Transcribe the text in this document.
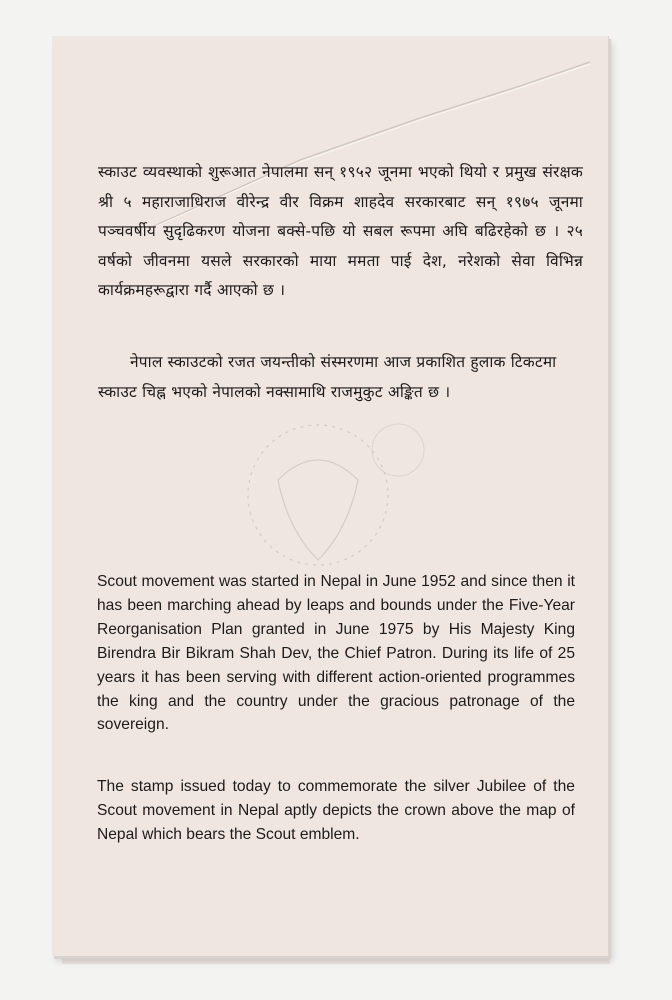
स्काउट व्यवस्थाको शुरूआत नेपालमा सन् १९५२ जूनमा भएको थियो र प्रमुख संरक्षक श्री ५ महाराजाधिराज वीरेन्द्र वीर विक्रम शाहदेव सरकारबाट सन् १९७५ जूनमा पञ्चवर्षीय सुदृढिकरण योजना बक्से-पछि यो सबल रूपमा अघि बढिरहेको छ । २५ वर्षको जीवनमा यसले सरकारको माया ममता पाई देश, नरेशको सेवा विभिन्न कार्यक्रमहरूद्वारा गर्दै आएको छ ।
नेपाल स्काउटको रजत जयन्तीको संस्मरणमा आज प्रकाशित हुलाक टिकटमा स्काउट चिह्न भएको नेपालको नक्सामाथि राजमुकुट अङ्कित छ ।
Scout movement was started in Nepal in June 1952 and since then it has been marching ahead by leaps and bounds under the Five-Year Reorganisation Plan granted in June 1975 by His Majesty King Birendra Bir Bikram Shah Dev, the Chief Patron. During its life of 25 years it has been serving with different action-oriented programmes the king and the country under the gracious patronage of the sovereign.
The stamp issued today to commemorate the silver Jubilee of the Scout movement in Nepal aptly depicts the crown above the map of Nepal which bears the Scout emblem.
